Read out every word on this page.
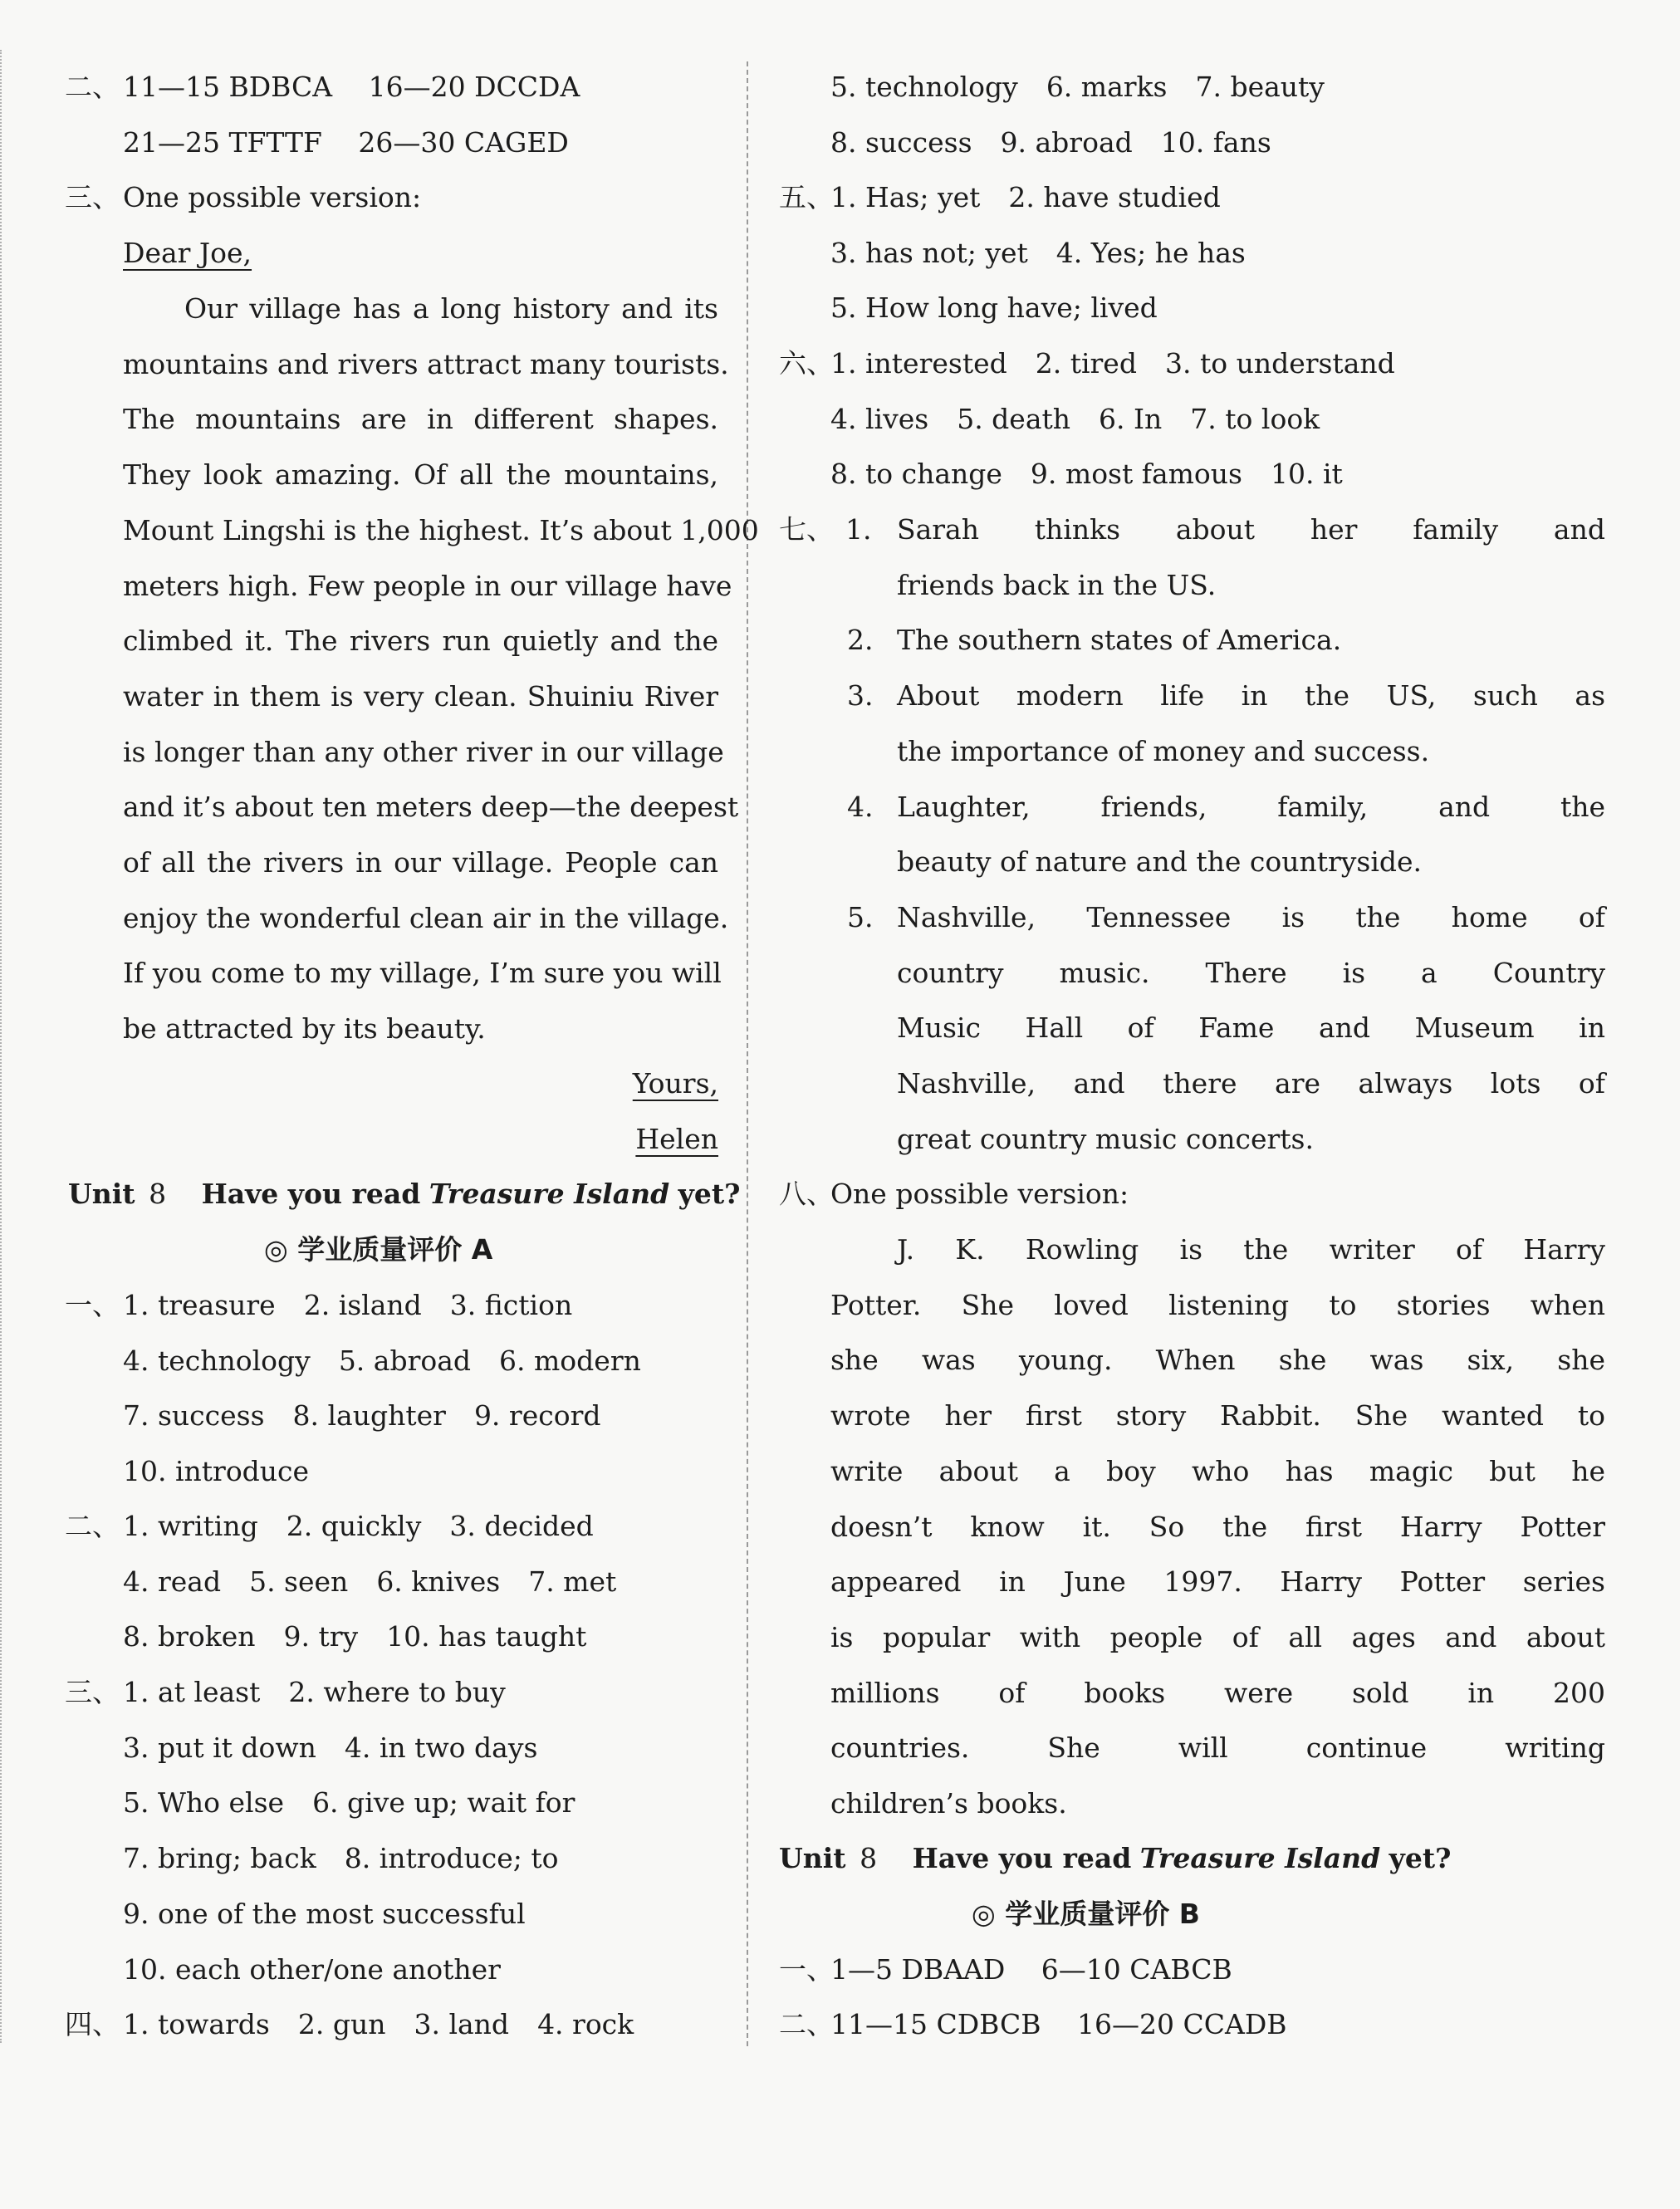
二、 11—15 BDBCA　 16—20 DCCDA
21—25 TFTTF　 26—30 CAGED
三、 One possible version:
Dear Joe,
Our village has a long history and its
mountains and rivers attract many tourists.
The mountains are in different shapes.
They look amazing. Of all the mountains,
Mount Lingshi is the highest. It’s about 1,000
meters high. Few people in our village have
climbed it. The rivers run quietly and the
water in them is very clean. Shuiniu River
is longer than any other river in our village
and it’s about ten meters deep—the deepest
of all the rivers in our village. People can
enjoy the wonderful clean air in the village.
If you come to my village, I’m sure you will
be attracted by its beauty.
Yours,
Helen
Unit 8 Have you read Treasure Island yet?
◎ 学业质量评价 A
一、 1. treasure 2. island 3. fiction
4. technology 5. abroad 6. modern
7. success 8. laughter 9. record
10. introduce
二、 1. writing 2. quickly 3. decided
4. read 5. seen 6. knives 7. met
8. broken 9. try 10. has taught
三、 1. at least 2. where to buy
3. put it down 4. in two days
5. Who else 6. give up; wait for
7. bring; back 8. introduce; to
9. one of the most successful
10. each other/one another
四、 1. towards 2. gun 3. land 4. rock
5. technology 6. marks 7. beauty
8. success 9. abroad 10. fans
五、
1. Has; yet 2. have studied
3. has not; yet 4. Yes; he has
5. How long have; lived
六、
1. interested 2. tired 3. to understand
4. lives 5. death 6. In 7. to look
8. to change 9. most famous 10. it
七、 1. Sarah thinks about her family and
friends back in the US.
2. The southern states of America.
3. About modern life in the US, such as
the importance of money and success.
4. Laughter, friends, family, and the
beauty of nature and the countryside.
5. Nashville, Tennessee is the home of
country music. There is a Country
Music Hall of Fame and Museum in
Nashville, and there are always lots of
great country music concerts.
八、
One possible version:
J. K. Rowling is the writer of Harry
Potter. She loved listening to stories when
she was young. When she was six, she
wrote her first story Rabbit. She wanted to
write about a boy who has magic but he
doesn’t know it. So the first Harry Potter
appeared in June 1997. Harry Potter series
is popular with people of all ages and about
millions of books were sold in 200
countries. She will continue writing
children’s books.
Unit 8 Have you read Treasure Island yet?
◎ 学业质量评价 B
一、
1—5 DBAAD　 6—10 CABCB
二、
11—15 CDBCB　 16—20 CCADB
